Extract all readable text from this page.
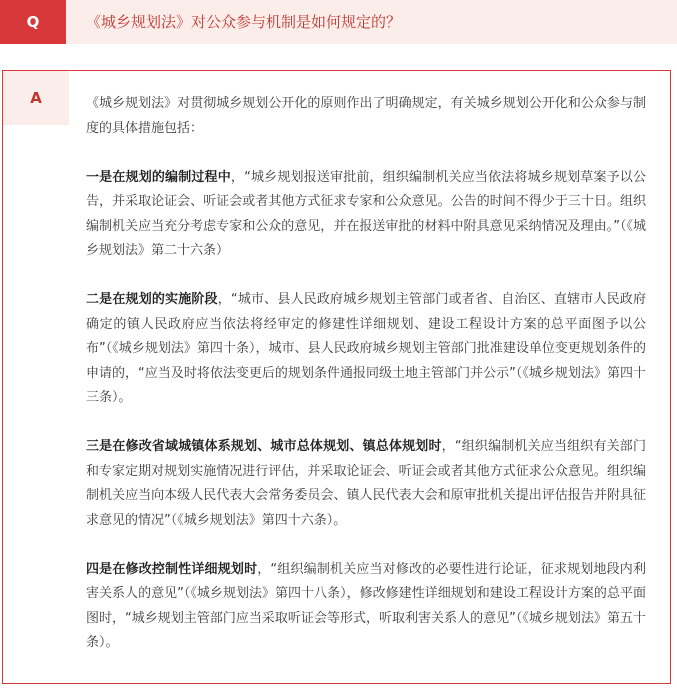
Q	《城乡规划法》对公众参与机制是如何规定的？
A	《城乡规划法》对贯彻城乡规划公开化的原则作出了明确规定，有关城乡规划公开化和公众参与制度的具体措施包括：

一是在规划的编制过程中，“城乡规划报送审批前，组织编制机关应当依法将城乡规划草案予以公告，并采取论证会、听证会或者其他方式征求专家和公众意见。公告的时间不得少于三十日。组织编制机关应当充分考虑专家和公众的意见，并在报送审批的材料中附具意见采纳情况及理由。”（《城乡规划法》第二十六条）

二是在规划的实施阶段，“城市、县人民政府城乡规划主管部门或者省、自治区、直辖市人民政府确定的镇人民政府应当依法将经审定的修建性详细规划、建设工程设计方案的总平面图予以公布”（《城乡规划法》第四十条），城市、县人民政府城乡规划主管部门批准建设单位变更规划条件的申请的，“应当及时将依法变更后的规划条件通报同级土地主管部门并公示”（《城乡规划法》第四十三条）。

三是在修改省域城镇体系规划、城市总体规划、镇总体规划时，“组织编制机关应当组织有关部门和专家定期对规划实施情况进行评估，并采取论证会、听证会或者其他方式征求公众意见。组织编制机关应当向本级人民代表大会常务委员会、镇人民代表大会和原审批机关提出评估报告并附具征求意见的情况”（《城乡规划法》第四十六条）。

四是在修改控制性详细规划时，“组织编制机关应当对修改的必要性进行论证，征求规划地段内利害关系人的意见”（《城乡规划法》第四十八条），修改修建性详细规划和建设工程设计方案的总平面图时，“城乡规划主管部门应当采取听证会等形式，听取利害关系人的意见”（《城乡规划法》第五十条）。
